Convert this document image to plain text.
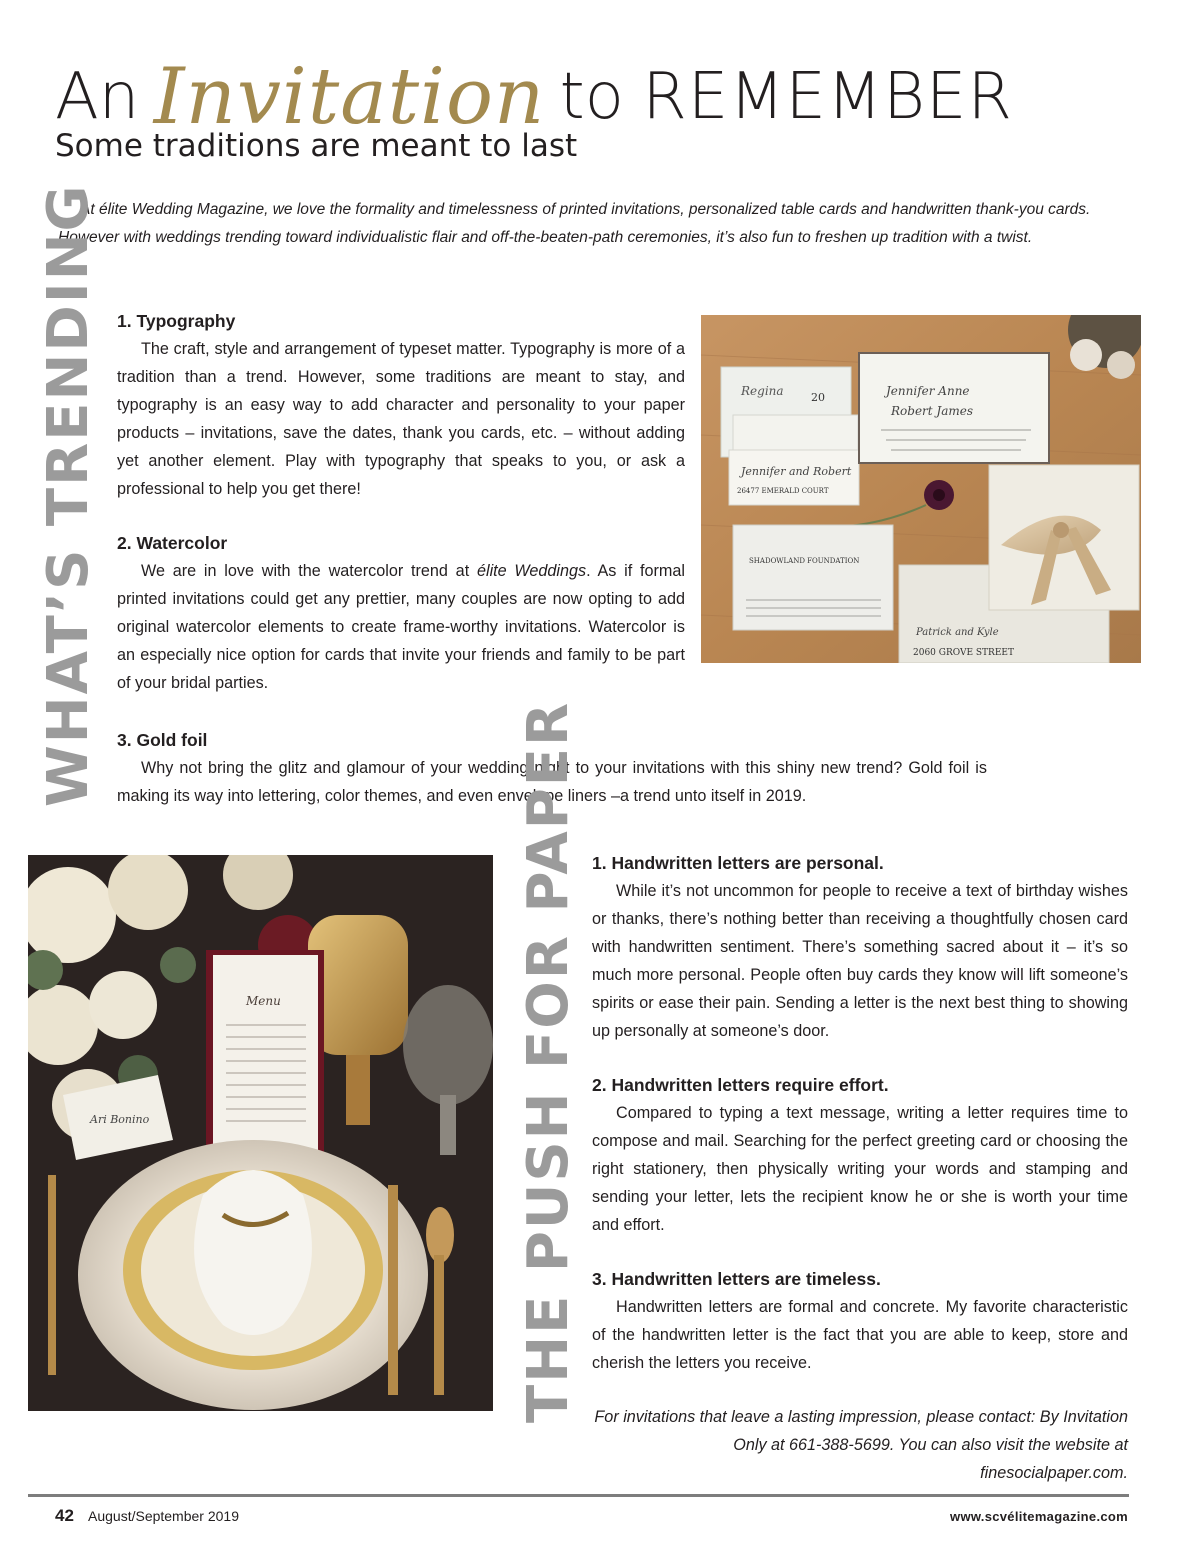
An Invitation to REMEMBER
Some traditions are meant to last

At élite Wedding Magazine, we love the formality and timelessness of printed invitations, personalized table cards and handwritten thank-you cards.

However with weddings trending toward individualistic flair and off-the-beaten-path ceremonies, it’s also fun to freshen up tradition with a twist.

WHAT’S TRENDING 1. Typography

The craft, style and arrangement of typeset matter. Typography is more of a tradition than a trend. However, some traditions are meant to stay, and typography is an easy way to add character and personality to your paper products – invitations, save the dates, thank you cards, etc. – without adding yet another element. Play with typography that speaks to you, or ask a professional to help you get there!

2. Watercolor

We are in love with the watercolor trend at élite Weddings. As if formal printed invitations could get any prettier, many couples are now opting to add original watercolor elements to create frame-worthy invitations. Watercolor is an especially nice option for cards that invite your friends and family to be part of your bridal parties.

3. Gold foil

Why not bring the glitz and glamour of your wedding night to your invitations with this shiny new trend? Gold foil is making its way into lettering, color themes, and even envelope liners –a trend unto itself in 2019.

Regina 20
Jennifer and Robert
26477 EMERALD COURT
Jennifer Anne
Robert James
SHADOWLAND FOUNDATION
Patrick and Kyle
2060 GROVE STREET
Menu
Ari Bonino	THE PUSH FOR PAPER 1. Handwritten letters are personal.

While it’s not uncommon for people to receive a text of birthday wishes or thanks, there’s nothing better than receiving a thoughtfully chosen card with handwritten sentiment. There’s something sacred about it – it’s so much more personal. People often buy cards they know will lift someone’s spirits or ease their pain. Sending a letter is the next best thing to showing up personally at someone’s door.

2. Handwritten letters require effort.

Compared to typing a text message, writing a letter requires time to compose and mail. Searching for the perfect greeting card or choosing the right stationery, then physically writing your words and stamping and sending your letter, lets the recipient know he or she is worth your time and effort.

3. Handwritten letters are timeless.

Handwritten letters are formal and concrete. My favorite characteristic of the handwritten letter is the fact that you are able to keep, store and cherish the letters you receive.

For invitations that leave a lasting impression, please contact: By Invitation Only at 661-388-5699. You can also visit the website at finesocialpaper.com.

42 August/September 2019	www.scvélitemagazine.com
